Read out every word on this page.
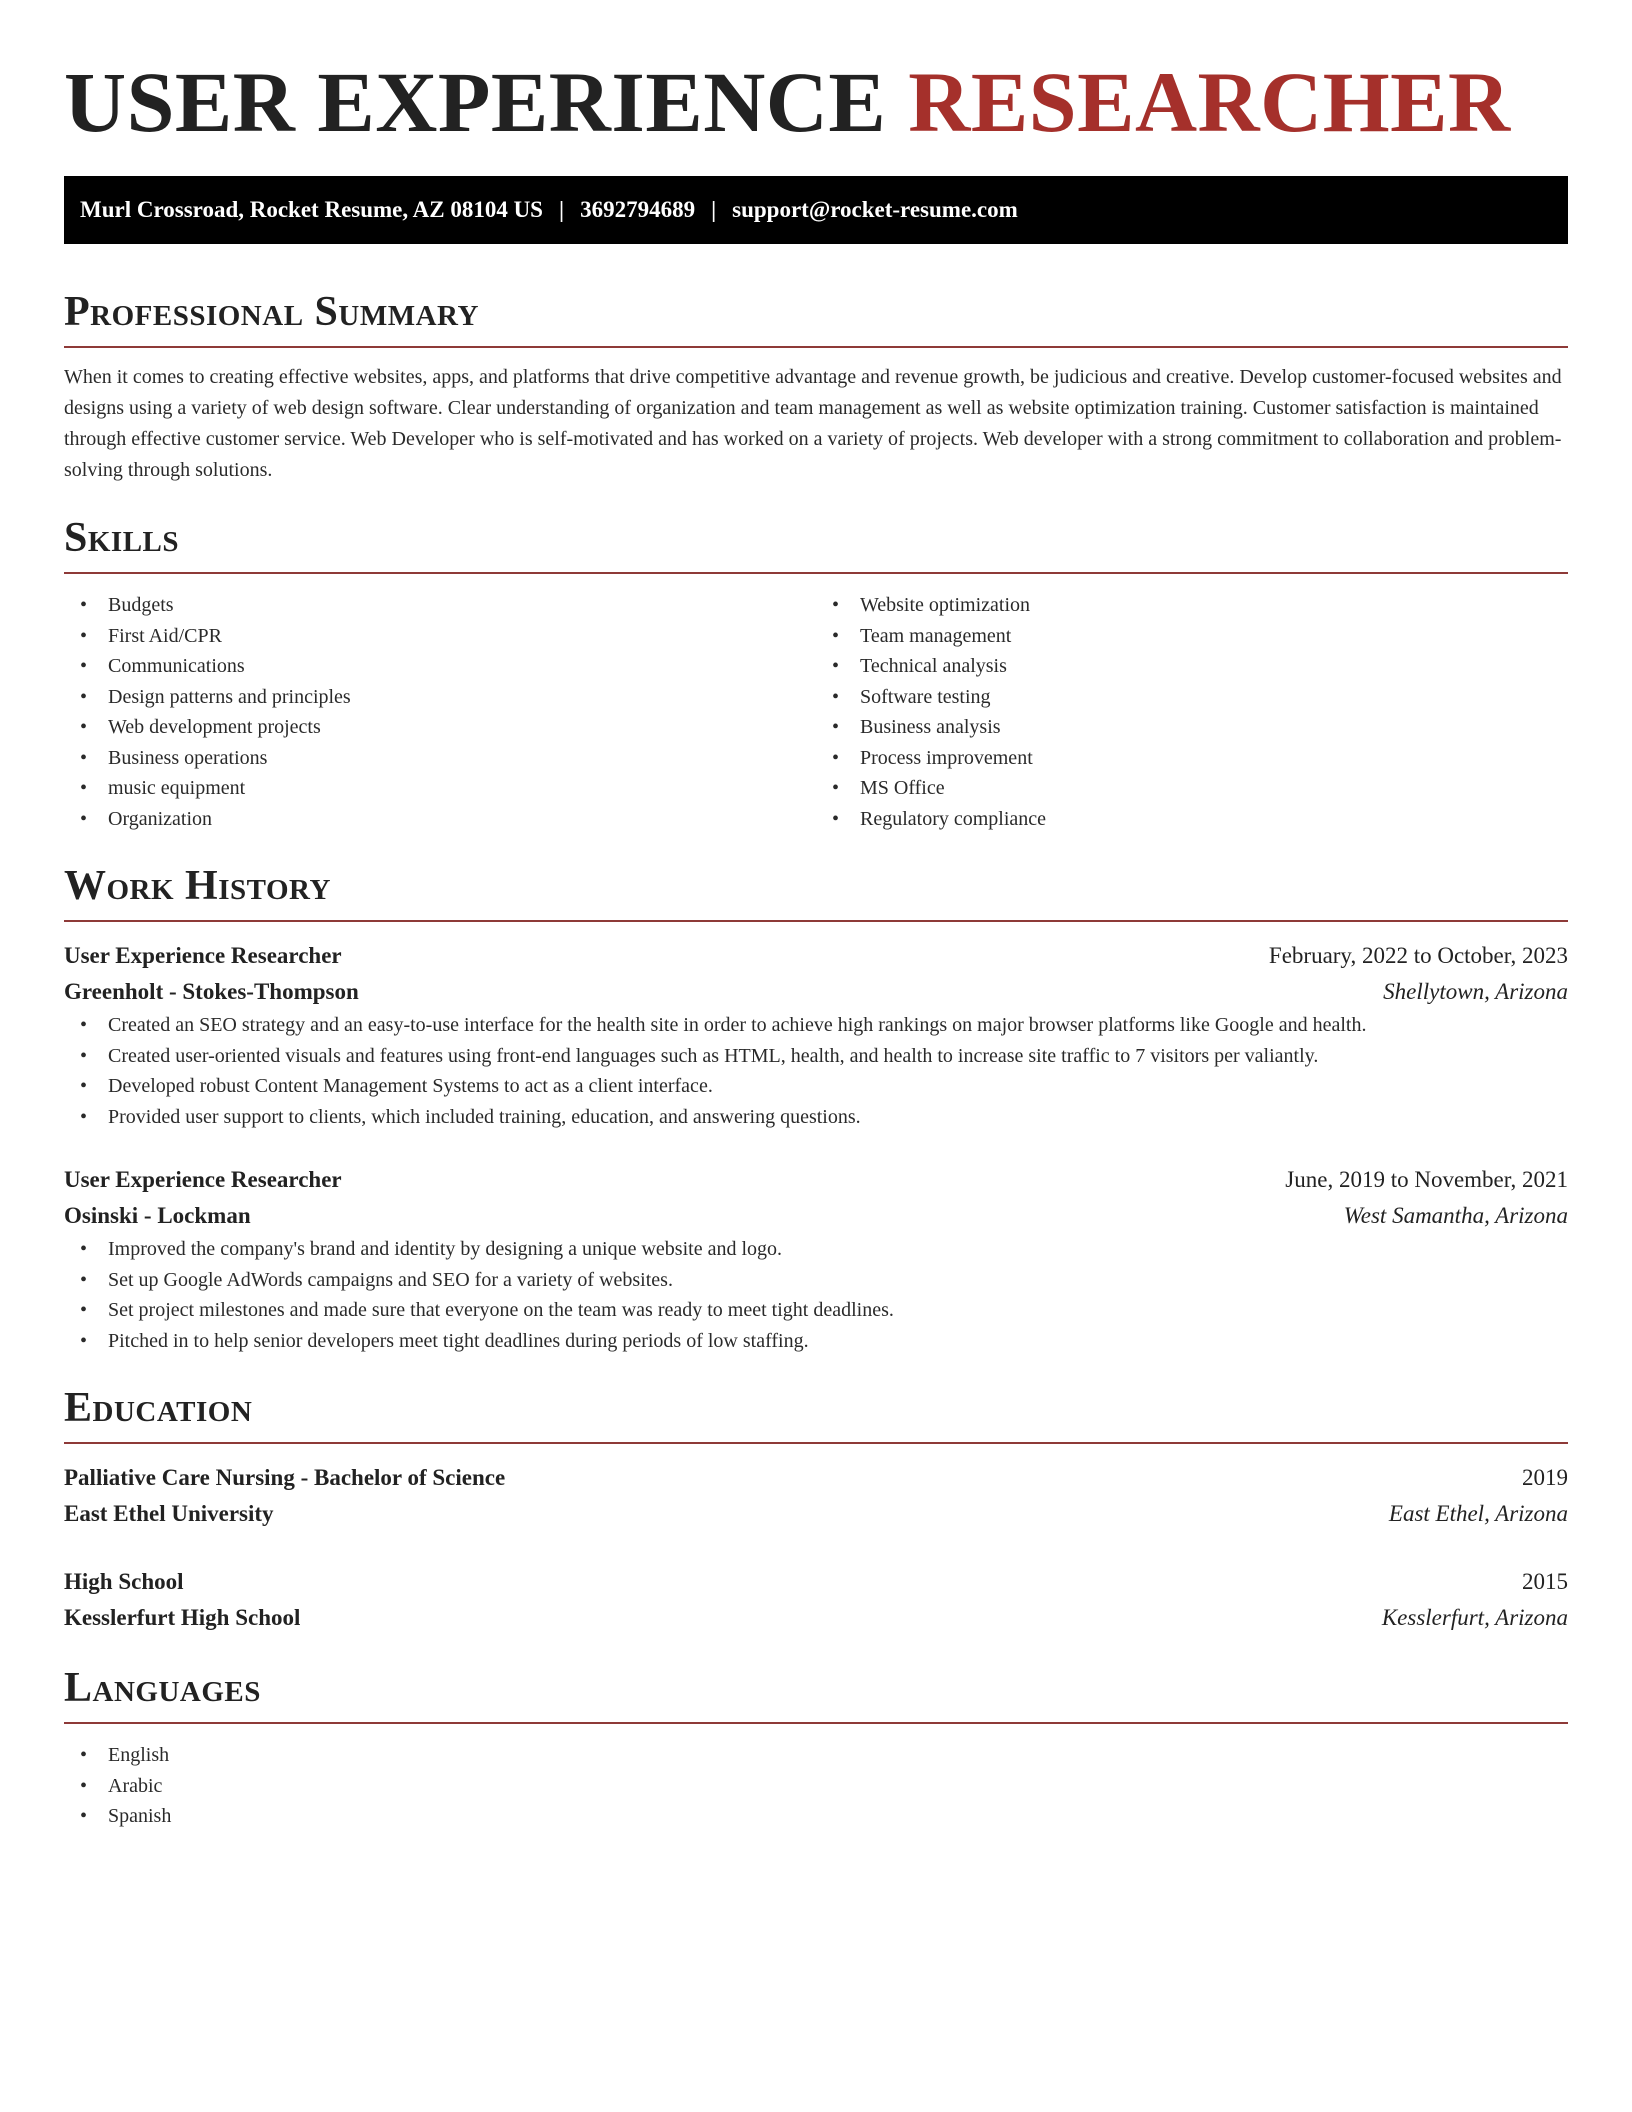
USER EXPERIENCE RESEARCHER
Murl Crossroad, Rocket Resume, AZ 08104 US | 3692794689 | support@rocket-resume.com
Professional Summary

When it comes to creating effective websites, apps, and platforms that drive competitive advantage and revenue growth, be judicious and creative. Develop customer-focused websites and designs using a variety of web design software. Clear understanding of organization and team management as well as website optimization training. Customer satisfaction is maintained through effective customer service. Web Developer who is self-motivated and has worked on a variety of projects. Web developer with a strong commitment to collaboration and problem-solving through solutions.

Skills
• Budgets
• First Aid/CPR
• Communications
• Design patterns and principles
• Web development projects
• Business operations
• music equipment
• Organization
• Website optimization
• Team management
• Technical analysis
• Software testing
• Business analysis
• Process improvement
• MS Office
• Regulatory compliance
Work History
User Experience Researcher	February, 2022 to October, 2023
Greenholt - Stokes-Thompson	Shellytown, Arizona
• Created an SEO strategy and an easy-to-use interface for the health site in order to achieve high rankings on major browser platforms like Google and health.
• Created user-oriented visuals and features using front-end languages such as HTML, health, and health to increase site traffic to 7 visitors per valiantly.
• Developed robust Content Management Systems to act as a client interface.
• Provided user support to clients, which included training, education, and answering questions.
User Experience Researcher	June, 2019 to November, 2021
Osinski - Lockman	West Samantha, Arizona
• Improved the company's brand and identity by designing a unique website and logo.
• Set up Google AdWords campaigns and SEO for a variety of websites.
• Set project milestones and made sure that everyone on the team was ready to meet tight deadlines.
• Pitched in to help senior developers meet tight deadlines during periods of low staffing.
Education
Palliative Care Nursing - Bachelor of Science	2019
East Ethel University	East Ethel, Arizona
High School	2015
Kesslerfurt High School	Kesslerfurt, Arizona
Languages
• English
• Arabic
• Spanish
